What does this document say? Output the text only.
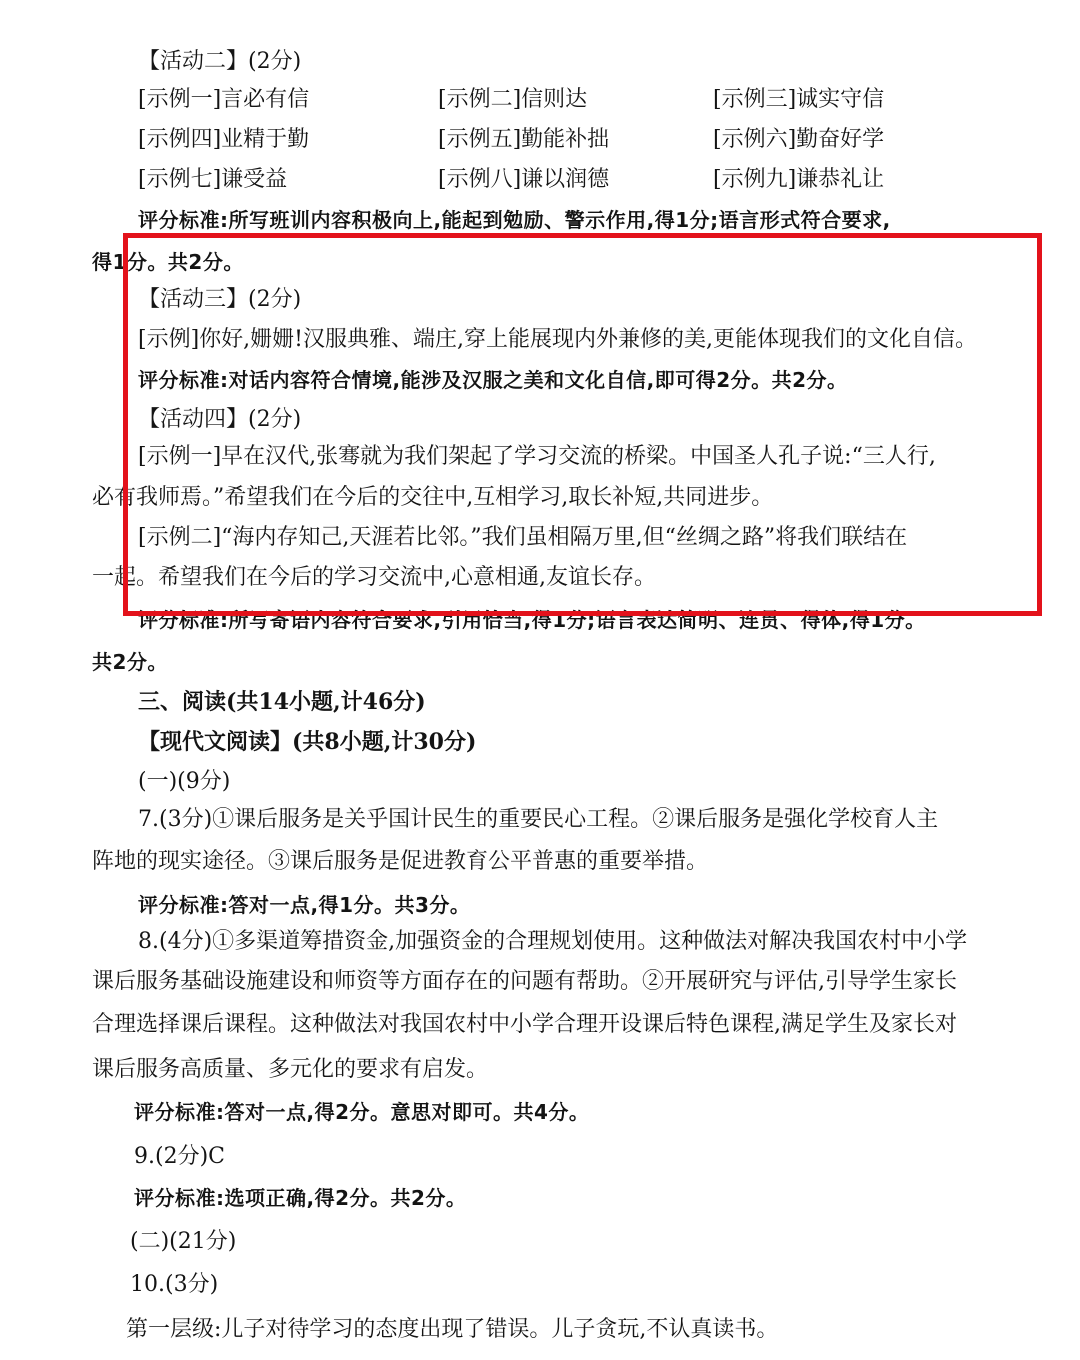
【活动二】(2分)
[示例一]言必有信	[示例二]信则达	[示例三]诚实守信
[示例四]业精于勤	[示例五]勤能补拙	[示例六]勤奋好学
[示例七]谦受益	[示例八]谦以润德	[示例九]谦恭礼让
评分标准:所写班训内容积极向上,能起到勉励、警示作用,得1分;语言形式符合要求,
得1分。共2分。
【活动三】(2分)
[示例]你好,姗姗!汉服典雅、端庄,穿上能展现内外兼修的美,更能体现我们的文化自信。
评分标准:对话内容符合情境,能涉及汉服之美和文化自信,即可得2分。共2分。
【活动四】(2分)
[示例一]早在汉代,张骞就为我们架起了学习交流的桥梁。中国圣人孔子说:“三人行,
必有我师焉。”希望我们在今后的交往中,互相学习,取长补短,共同进步。
[示例二]“海内存知己,天涯若比邻。”我们虽相隔万里,但“丝绸之路”将我们联结在
一起。希望我们在今后的学习交流中,心意相通,友谊长存。
评分标准:所写寄语内容符合要求,引用恰当,得1分;语言表达简明、连贯、得体,得1分。
共2分。
三、阅读(共14小题,计46分)
【现代文阅读】(共8小题,计30分)
(一)(9分)
7.(3分)①课后服务是关乎国计民生的重要民心工程。②课后服务是强化学校育人主
阵地的现实途径。③课后服务是促进教育公平普惠的重要举措。
评分标准:答对一点,得1分。共3分。
8.(4分)①多渠道筹措资金,加强资金的合理规划使用。这种做法对解决我国农村中小学
课后服务基础设施建设和师资等方面存在的问题有帮助。②开展研究与评估,引导学生家长
合理选择课后课程。这种做法对我国农村中小学合理开设课后特色课程,满足学生及家长对
课后服务高质量、多元化的要求有启发。
评分标准:答对一点,得2分。意思对即可。共4分。
9.(2分)C
评分标准:选项正确,得2分。共2分。
(二)(21分)
10.(3分)
第一层级:儿子对待学习的态度出现了错误。儿子贪玩,不认真读书。
